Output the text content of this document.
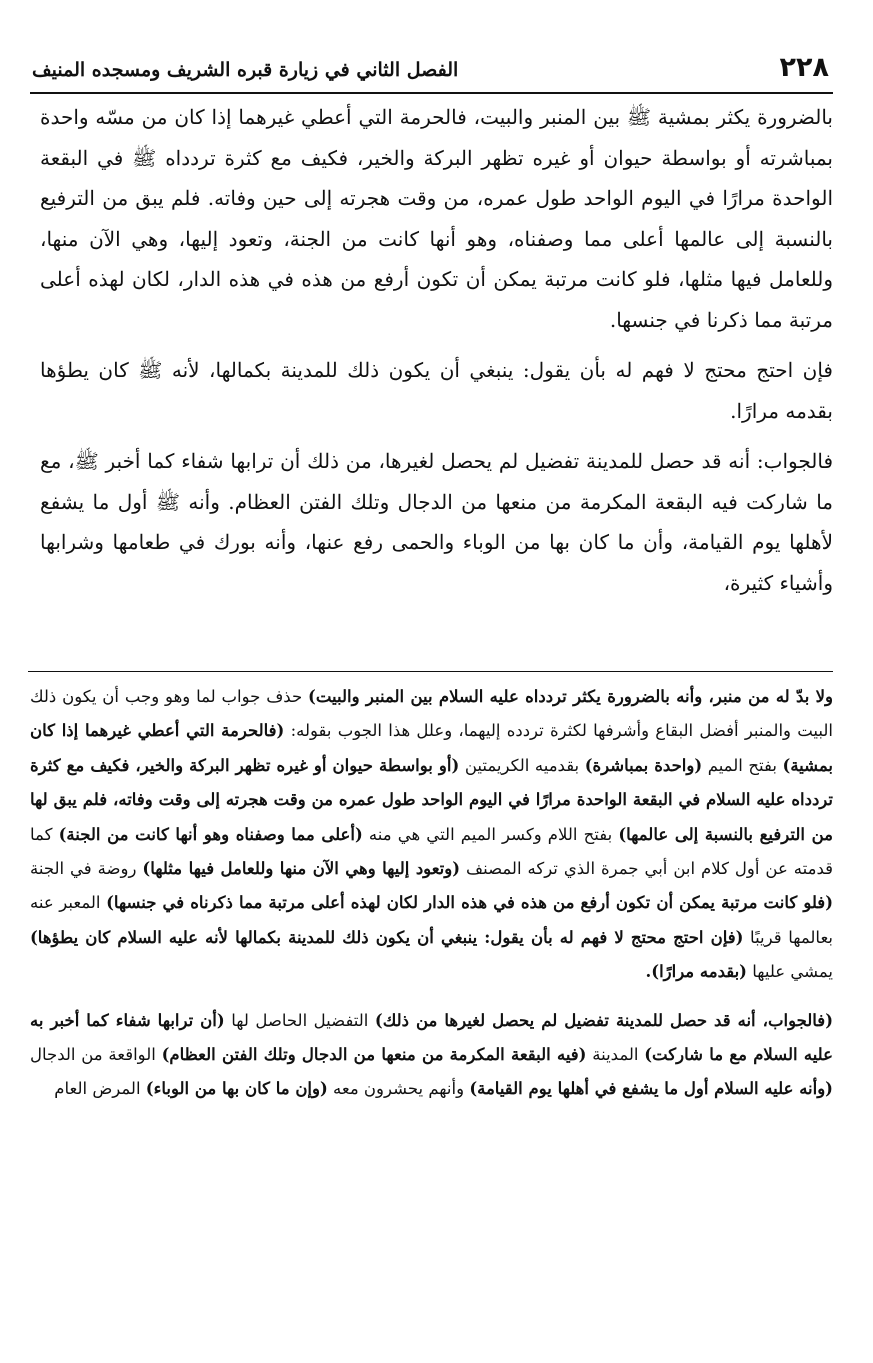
٢٢٨
الفصل الثاني في زيارة قبره الشريف ومسجده المنيف

بالضرورة يكثر بمشية ﷺ بين المنبر والبيت، فالحرمة التي أعطي غيرهما إذا كان من مسّه واحدة بمباشرته أو بواسطة حيوان أو غيره تظهر البركة والخير، فكيف مع كثرة تردداه ﷺ في البقعة الواحدة مرارًا في اليوم الواحد طول عمره، من وقت هجرته إلى حين وفاته. فلم يبق من الترفيع بالنسبة إلى عالمها أعلى مما وصفناه، وهو أنها كانت من الجنة، وتعود إليها، وهي الآن منها، وللعامل فيها مثلها، فلو كانت مرتبة يمكن أن تكون أرفع من هذه في هذه الدار، لكان لهذه أعلى مرتبة مما ذكرنا في جنسها.

فإن احتج محتج لا فهم له بأن يقول: ينبغي أن يكون ذلك للمدينة بكمالها، لأنه ﷺ كان يطؤها بقدمه مرارًا.

فالجواب: أنه قد حصل للمدينة تفضيل لم يحصل لغيرها، من ذلك أن ترابها شفاء كما أخبر ﷺ، مع ما شاركت فيه البقعة المكرمة من منعها من الدجال وتلك الفتن العظام. وأنه ﷺ أول ما يشفع لأهلها يوم القيامة، وأن ما كان بها من الوباء والحمى رفع عنها، وأنه بورك في طعامها وشرابها وأشياء كثيرة،

ولا بدّ له من منبر، وأنه بالضرورة يكثر تردداه عليه السلام بين المنبر والبيت) حذف جواب لما وهو وجب أن يكون ذلك البيت والمنبر أفضل البقاع وأشرفها لكثرة تردده إليهما، وعلل هذا الجوب بقوله: (فالحرمة التي أعطي غيرهما إذا كان بمشية) بفتح الميم (واحدة بمباشرة) بقدميه الكريمتين (أو بواسطة حيوان أو غيره تظهر البركة والخير، فكيف مع كثرة تردداه عليه السلام في البقعة الواحدة مرارًا في اليوم الواحد طول عمره من وقت هجرته إلى وقت وفاته، فلم يبق لها من الترفيع بالنسبة إلى عالمها) بفتح اللام وكسر الميم التي هي منه (أعلى مما وصفناه وهو أنها كانت من الجنة) كما قدمته عن أول كلام ابن أبي جمرة الذي تركه المصنف (وتعود إليها وهي الآن منها وللعامل فيها مثلها) روضة في الجنة (فلو كانت مرتبة يمكن أن تكون أرفع من هذه في هذه الدار لكان لهذه أعلى مرتبة مما ذكرناه في جنسها) المعبر عنه بعالمها قريبًا (فإن احتج محتج لا فهم له بأن يقول: ينبغي أن يكون ذلك للمدينة بكمالها لأنه عليه السلام كان يطؤها) يمشي عليها (بقدمه مرارًا).

(فالجواب، أنه قد حصل للمدينة تفضيل لم يحصل لغيرها من ذلك) التفضيل الحاصل لها (أن ترابها شفاء كما أخبر به عليه السلام مع ما شاركت) المدينة (فيه البقعة المكرمة من منعها من الدجال وتلك الفتن العظام) الواقعة من الدجال (وأنه عليه السلام أول ما يشفع في أهلها يوم القيامة) وأنهم يحشرون معه (وإن ما كان بها من الوباء) المرض العام
